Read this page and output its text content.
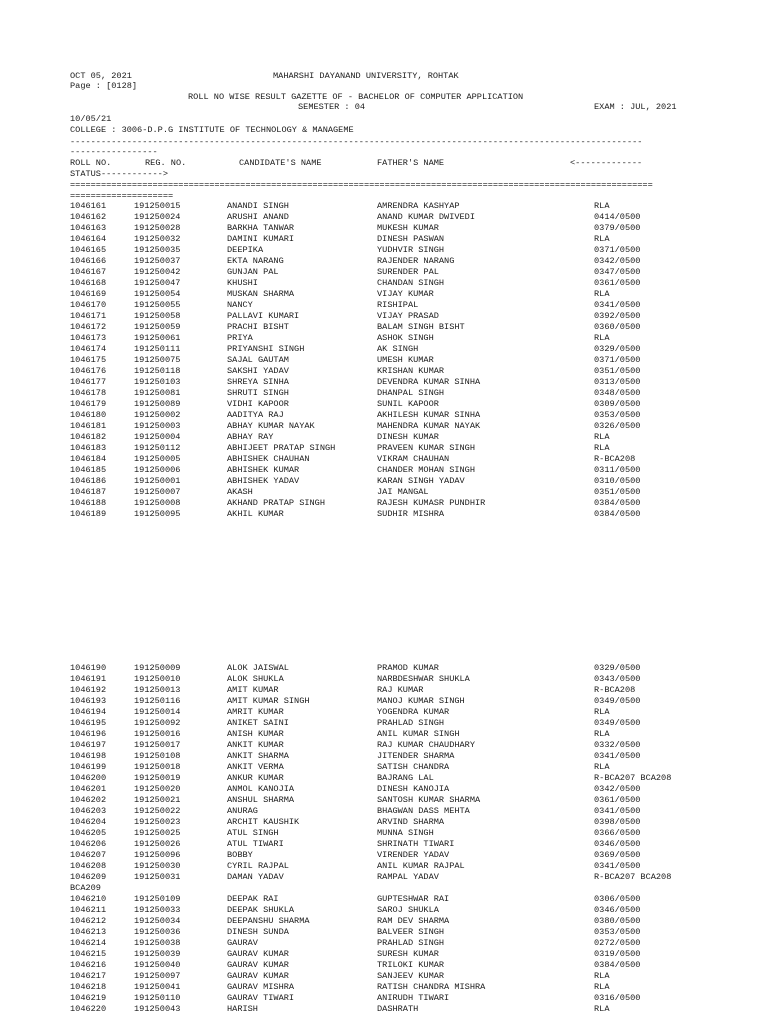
OCT 05, 2021	MAHARSHI DAYANAND UNIVERSITY, ROHTAK
Page : [0128]
ROLL NO WISE RESULT GAZETTE OF - BACHELOR OF COMPUTER APPLICATION
SEMESTER : 04	EXAM : JUL, 2021
10/05/21
COLLEGE : 3006-D.P.G INSTITUTE OF TECHNOLOGY & MANAGEME
---------------------------------------------------------------------------------------------------------------
-----------------
ROLL NO.	REG. NO.	CANDIDATE'S NAME	FATHER'S NAME	<-------------
STATUS------------>
=================================================================================================================
====================
1046161	191250015	ANANDI SINGH	AMRENDRA KASHYAP	RLA
1046162	191250024	ARUSHI ANAND	ANAND KUMAR DWIVEDI	0414/0500
1046163	191250028	BARKHA TANWAR	MUKESH KUMAR	0379/0500
1046164	191250032	DAMINI KUMARI	DINESH PASWAN	RLA
1046165	191250035	DEEPIKA	YUDHVIR SINGH	0371/0500
1046166	191250037	EKTA NARANG	RAJENDER NARANG	0342/0500
1046167	191250042	GUNJAN PAL	SURENDER PAL	0347/0500
1046168	191250047	KHUSHI	CHANDAN SINGH	0361/0500
1046169	191250054	MUSKAN SHARMA	VIJAY KUMAR	RLA
1046170	191250055	NANCY	RISHIPAL	0341/0500
1046171	191250058	PALLAVI KUMARI	VIJAY PRASAD	0392/0500
1046172	191250059	PRACHI BISHT	BALAM SINGH BISHT	0360/0500
1046173	191250061	PRIYA	ASHOK SINGH	RLA
1046174	191250111	PRIYANSHI SINGH	AK SINGH	0329/0500
1046175	191250075	SAJAL GAUTAM	UMESH KUMAR	0371/0500
1046176	191250118	SAKSHI YADAV	KRISHAN KUMAR	0351/0500
1046177	191250103	SHREYA SINHA	DEVENDRA KUMAR SINHA	0313/0500
1046178	191250081	SHRUTI SINGH	DHANPAL SINGH	0348/0500
1046179	191250089	VIDHI KAPOOR	SUNIL KAPOOR	0309/0500
1046180	191250002	AADITYA RAJ	AKHILESH KUMAR SINHA	0353/0500
1046181	191250003	ABHAY KUMAR NAYAK	MAHENDRA KUMAR NAYAK	0326/0500
1046182	191250004	ABHAY RAY	DINESH KUMAR	RLA
1046183	191250112	ABHIJEET PRATAP SINGH	PRAVEEN KUMAR SINGH	RLA
1046184	191250005	ABHISHEK CHAUHAN	VIKRAM CHAUHAN	R-BCA208
1046185	191250006	ABHISHEK KUMAR	CHANDER MOHAN SINGH	0311/0500
1046186	191250001	ABHISHEK YADAV	KARAN SINGH YADAV	0310/0500
1046187	191250007	AKASH	JAI MANGAL	0351/0500
1046188	191250008	AKHAND PRATAP SINGH	RAJESH KUMASR PUNDHIR	0384/0500
1046189	191250095	AKHIL KUMAR	SUDHIR MISHRA	0384/0500
1046190	191250009	ALOK JAISWAL	PRAMOD KUMAR	0329/0500
1046191	191250010	ALOK SHUKLA	NARBDESHWAR SHUKLA	0343/0500
1046192	191250013	AMIT KUMAR	RAJ KUMAR	R-BCA208
1046193	191250116	AMIT KUMAR SINGH	MANOJ KUMAR SINGH	0349/0500
1046194	191250014	AMRIT KUMAR	YOGENDRA KUMAR	RLA
1046195	191250092	ANIKET SAINI	PRAHLAD SINGH	0349/0500
1046196	191250016	ANISH KUMAR	ANIL KUMAR SINGH	RLA
1046197	191250017	ANKIT KUMAR	RAJ KUMAR CHAUDHARY	0332/0500
1046198	191250108	ANKIT SHARMA	JITENDER SHARMA	0341/0500
1046199	191250018	ANKIT VERMA	SATISH CHANDRA	RLA
1046200	191250019	ANKUR KUMAR	BAJRANG LAL	R-BCA207 BCA208
1046201	191250020	ANMOL KANOJIA	DINESH KANOJIA	0342/0500
1046202	191250021	ANSHUL SHARMA	SANTOSH KUMAR SHARMA	0361/0500
1046203	191250022	ANURAG	BHAGWAN DASS MEHTA	0341/0500
1046204	191250023	ARCHIT KAUSHIK	ARVIND SHARMA	0398/0500
1046205	191250025	ATUL SINGH	MUNNA SINGH	0366/0500
1046206	191250026	ATUL TIWARI	SHRINATH TIWARI	0346/0500
1046207	191250096	BOBBY	VIRENDER YADAV	0369/0500
1046208	191250030	CYRIL RAJPAL	ANIL KUMAR RAJPAL	0341/0500
1046209	191250031	DAMAN YADAV	RAMPAL YADAV	R-BCA207 BCA208
BCA209
1046210	191250109	DEEPAK RAI	GUPTESHWAR RAI	0306/0500
1046211	191250033	DEEPAK SHUKLA	SAROJ SHUKLA	0346/0500
1046212	191250034	DEEPANSHU SHARMA	RAM DEV SHARMA	0380/0500
1046213	191250036	DINESH SUNDA	BALVEER SINGH	0353/0500
1046214	191250038	GAURAV	PRAHLAD SINGH	0272/0500
1046215	191250039	GAURAV KUMAR	SURESH KUMAR	0319/0500
1046216	191250040	GAURAV KUMAR	TRILOKI KUMAR	0384/0500
1046217	191250097	GAURAV KUMAR	SANJEEV KUMAR	RLA
1046218	191250041	GAURAV MISHRA	RATISH CHANDRA MISHRA	RLA
1046219	191250110	GAURAV TIWARI	ANIRUDH TIWARI	0316/0500
1046220	191250043	HARISH	DASHRATH	RLA
